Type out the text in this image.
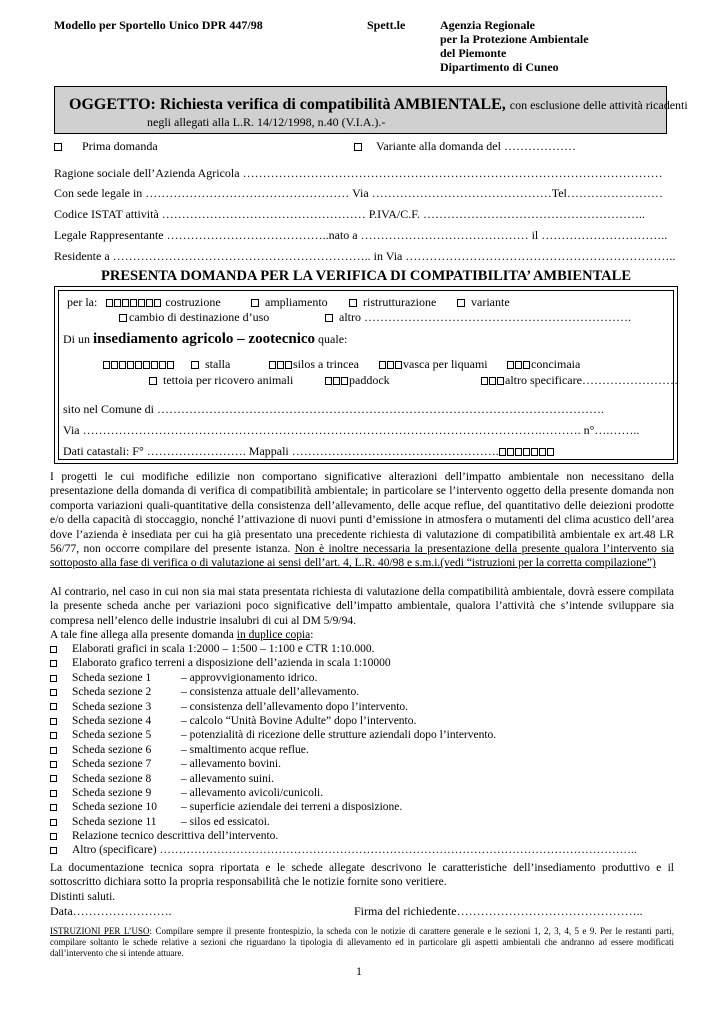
Modello per Sportello Unico DPR 447/98	Spett.le	Agenzia Regionale
per la Protezione Ambientale
del Piemonte
Dipartimento di Cuneo
OGGETTO: Richiesta verifica di compatibilità AMBIENTALE, con esclusione delle attività ricadenti
negli allegati alla L.R. 14/12/1998, n.40 (V.I.A.).-
Prima domanda	Variante alla domanda del ………………
Ragione sociale dell’Azienda Agricola ……………………………………………………………………………………………
Con sede legale in …………………………………………… Via ………………………………………Tel……………………
Codice ISTAT attività …………………………………………… P.IVA/C.F. ………………………………………………..
Legale Rappresentante …………………………………..nato a …………………………………… il …………………………..
Residente a ……………………………………………………….. in Via …………………………………………………………..
PRESENTA DOMANDA PER LA VERIFICA DI COMPATIBILITA’ AMBIENTALE
per la:	costruzione	ampliamento	ristrutturazione	variante
cambio di destinazione d’uso	altro ………………………………………………………….
Di un insediamento agricolo – zootecnico quale:
stalla	silos a trincea	vasca per liquami	concimaia
tettoia per ricovero animali	paddock	altro specificare……………………
sito nel Comune di ………………………………………………………………………………………………….
Via …………………………………………………………………………………………………….………. n°….……..
Dati catastali: F° ……………………. Mappali …………………………………………….
I progetti le cui modifiche edilizie non comportano significative alterazioni dell’impatto ambientale non necessitano della presentazione della domanda di verifica di compatibilità ambientale; in particolare se l’intervento oggetto della presente domanda non comporta variazioni quali-quantitative della consistenza dell’allevamento, delle acque reflue, del quantitativo delle deiezioni prodotte e/o della capacità di stoccaggio, nonché l’attivazione di nuovi punti d’emissione in atmosfera o mutamenti del clima acustico dell’area dove l’azienda è insediata per cui ha già presentato una precedente richiesta di valutazione di compatibilità ambientale ex art.48 LR 56/77, non occorre compilare del presente istanza. Non è inoltre necessaria la presentazione della presente qualora l’intervento sia sottoposto alla fase di verifica o di valutazione ai sensi dell’art. 4, L.R. 40/98 e s.m.i.(vedi “istruzioni per la corretta compilazione”)
Al contrario, nel caso in cui non sia mai stata presentata richiesta di valutazione della compatibilità ambientale, dovrà essere compilata la presente scheda anche per variazioni poco significative dell’impatto ambientale, qualora l’attività che s’intende sviluppare sia compresa nell’elenco delle industrie insalubri di cui al DM 5/9/94.
A tale fine allega alla presente domanda in duplice copia:
Elaborati grafici in scala 1:2000 – 1:500 – 1:100 e CTR 1:10.000.
Elaborato grafico terreni a disposizione dell’azienda in scala 1:10000
Scheda sezione 1	– approvvigionamento idrico.
Scheda sezione 2	– consistenza attuale dell’allevamento.
Scheda sezione 3	– consistenza dell’allevamento dopo l’intervento.
Scheda sezione 4	– calcolo “Unità Bovine Adulte” dopo l’intervento.
Scheda sezione 5	– potenzialità di ricezione delle strutture aziendali dopo l’intervento.
Scheda sezione 6	– smaltimento acque reflue.
Scheda sezione 7	– allevamento bovini.
Scheda sezione 8	– allevamento suini.
Scheda sezione 9	– allevamento avicoli/cunicoli.
Scheda sezione 10 – superficie aziendale dei terreni a disposizione.
Scheda sezione 11 – silos ed essicatoi.
Relazione tecnico descrittiva dell’intervento.
Altro (specificare) ……………………………………………………………………………………………………………..
La documentazione tecnica sopra riportata e le schede allegate descrivono le caratteristiche dell’insediamento produttivo e il sottoscritto dichiara sotto la propria responsabilità che le notizie fornite sono veritiere.
Distinti saluti.
Data…………………….	Firma del richiedente………………………………………..
ISTRUZIONI PER L’USO: Compilare sempre il presente frontespizio, la scheda con le notizie di carattere generale e le sezioni 1, 2, 3, 4, 5 e 9. Per le restanti parti, compilare soltanto le schede relative a sezioni che riguardano la tipologia di allevamento ed in particolare gli aspetti ambientali che andranno ad essere modificati dall’intervento che si intende attuare.
1
